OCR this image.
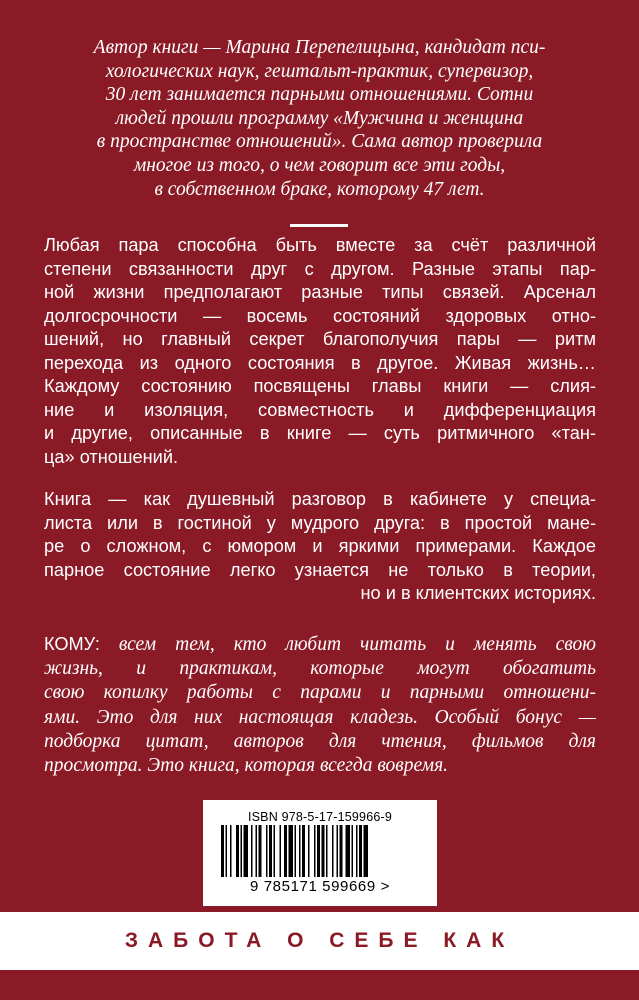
Автор книги — Марина Перепелицына, кандидат пси-
хологических наук, гештальт-практик, супервизор,
30 лет занимается парными отношениями. Сотни
людей прошли программу «Мужчина и женщина
в пространстве отношений». Сама автор проверила
многое из того, о чем говорит все эти годы,
в собственном браке, которому 47 лет.
Любая пара способна быть вместе за счёт различной
степени связанности друг с другом. Разные этапы пар-
ной жизни предполагают разные типы связей. Арсенал
долгосрочности — восемь состояний здоровых отно-
шений, но главный секрет благополучия пары — ритм
перехода из одного состояния в другое. Живая жизнь…
Каждому состоянию посвящены главы книги — слия-
ние и изоляция, совместность и дифференциация
и другие, описанные в книге — суть ритмичного «тан-
ца» отношений.
Книга — как душевный разговор в кабинете у специа-
листа или в гостиной у мудрого друга: в простой мане-
ре о сложном, с юмором и яркими примерами. Каждое
парное состояние легко узнается не только в теории,
но и в клиентских историях.
КОМУ: всем тем, кто любит читать и менять свою
жизнь, и практикам, которые могут обогатить
свою копилку работы с парами и парными отношени-
ями. Это для них настоящая кладезь. Особый бонус —
подборка цитат, авторов для чтения, фильмов для
просмотра. Это книга, которая всегда вовремя.
ISBN 978-5-17-159966-9
9 785171 599669 >
ЗАБОТА О СЕБЕ КАК
